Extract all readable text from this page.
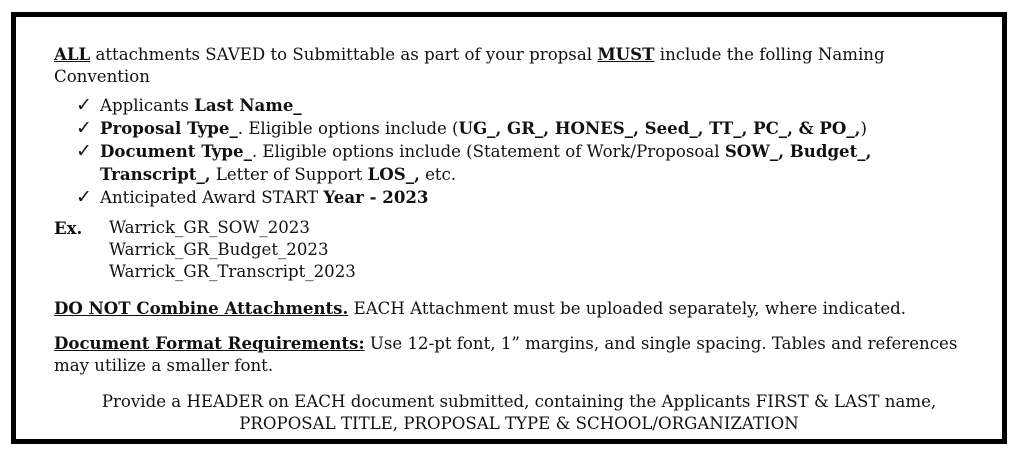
ALL attachments SAVED to Submittable as part of your propsal MUST include the folling Naming Convention

✓ Applicants Last Name_
✓ Proposal Type_. Eligible options include (UG_, GR_, HONES_, Seed_, TT_, PC_, & PO_,)
✓ Document Type_. Eligible options include (Statement of Work/Proposoal SOW_, Budget_,
Transcript_, Letter of Support LOS_, etc.
✓ Anticipated Award START Year - 2023
Ex.	Warrick_GR_SOW_2023
Warrick_GR_Budget_2023
Warrick_GR_Transcript_2023

DO NOT Combine Attachments. EACH Attachment must be uploaded separately, where indicated.

Document Format Requirements: Use 12-pt font, 1” margins, and single spacing. Tables and references may utilize a smaller font.

Provide a HEADER on EACH document submitted, containing the Applicants FIRST & LAST name,
PROPOSAL TITLE, PROPOSAL TYPE & SCHOOL/ORGANIZATION
